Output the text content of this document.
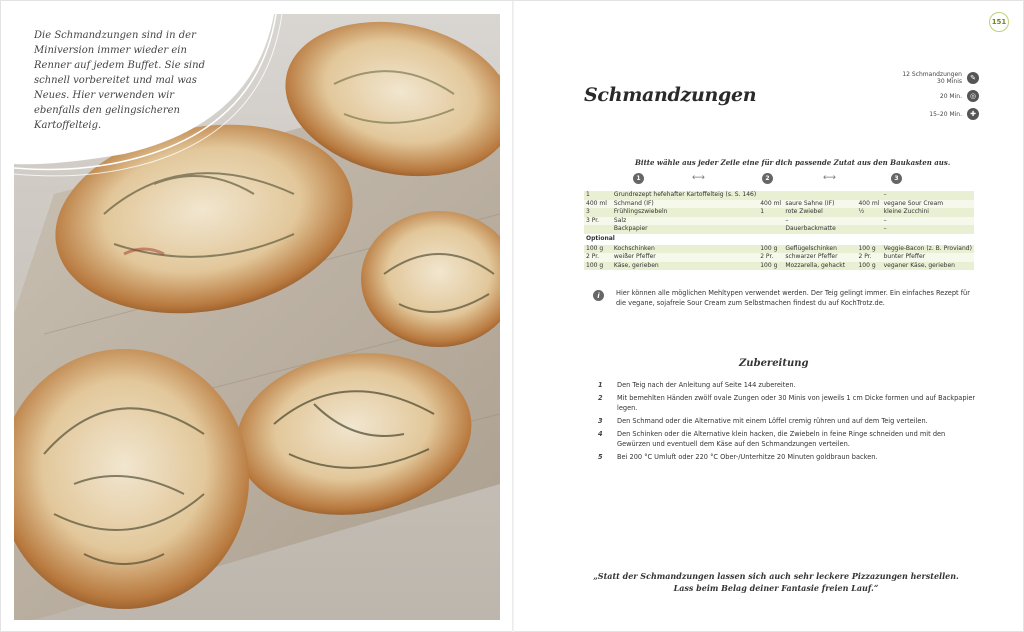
Die Schmandzungen sind in der Miniversion immer wieder ein Renner auf jedem Buffet. Sie sind schnell vorbereitet und mal was Neues. Hier verwenden wir ebenfalls den gelingsicheren Kartoffelteig.

151
Schmandzungen
12 Schmandzungen
30 Minis	✎
20 Min.	◎
15–20 Min.	✚

Bitte wähle aus jeder Zeile eine für dich passende Zutat aus den Baukasten aus.

1	⟷	2	⟷	3
1	Grundrezept hefehafter Kartoffelteig (s. S. 146)				–
400 ml	Schmand (IF)	400 ml	saure Sahne (IF)	400 ml	vegane Sour Cream
3	Frühlingszwiebeln	1	rote Zwiebel	½	kleine Zucchini
3 Pr.	Salz		–		–
	Backpapier		Dauerbackmatte		–
Optional					
100 g	Kochschinken	100 g	Geflügelschinken	100 g	Veggie-Bacon (z. B. Proviand)
2 Pr.	weißer Pfeffer	2 Pr.	schwarzer Pfeffer	2 Pr.	bunter Pfeffer
100 g	Käse, gerieben	100 g	Mozzarella, gehackt	100 g	veganer Käse, gerieben
i	Hier können alle möglichen Mehltypen verwendet werden. Der Teig gelingt immer. Ein einfaches Rezept für die vegane, sojafreie Sour Cream zum Selbstmachen findest du auf KochTrotz.de.

Zubereitung
1	Den Teig nach der Anleitung auf Seite 144 zubereiten.
2	Mit bemehlten Händen zwölf ovale Zungen oder 30 Minis von jeweils 1 cm Dicke formen und auf Backpapier legen.
3	Den Schmand oder die Alternative mit einem Löffel cremig rühren und auf dem Teig verteilen.
4	Den Schinken oder die Alternative klein hacken, die Zwiebeln in feine Ringe schneiden und mit den Gewürzen und eventuell dem Käse auf den Schmandzungen verteilen.
5	Bei 200 °C Umluft oder 220 °C Ober-/Unterhitze 20 Minuten goldbraun backen.

„Statt der Schmandzungen lassen sich auch sehr leckere Pizzazungen herstellen. Lass beim Belag deiner Fantasie freien Lauf.“
